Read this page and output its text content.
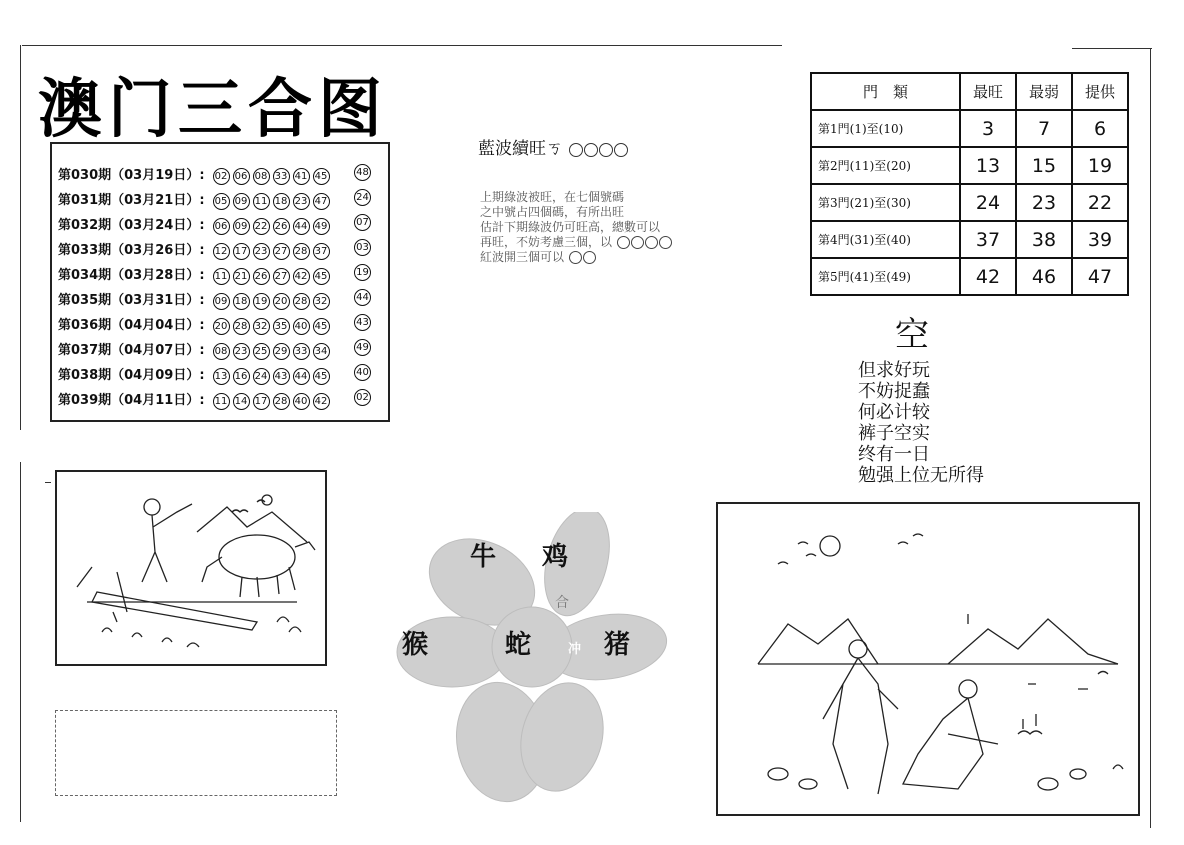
澳门三合图
第030期（03月19日）: 02 06 08 33 41 45	48
第031期（03月21日）: 05 09 11 18 23 47	24
第032期（03月24日）: 06 09 22 26 44 49	07
第033期（03月26日）: 12 17 23 27 28 37	03
第034期（03月28日）: 11 21 26 27 42 45	19
第035期（03月31日）: 09 18 19 20 28 32	44
第036期（04月04日）: 20 28 32 35 40 45	43
第037期（04月07日）: 08 23 25 29 33 34	49
第038期（04月09日）: 13 16 24 43 44 45	40
第039期（04月11日）: 11 14 17 28 40 42	02
藍波續旺ㄎ
上期綠波被旺，在七個號碼
之中號占四個碼，有所出旺
估計下期綠波仍可旺高，總數可以
再旺，不妨考慮三個，以
紅波開三個可以
門　類	最旺	最弱	提供
第1門(1)至(10)	3	7	6
第2門(11)至(20)	13	15	19
第3門(21)至(30)	24	23	22
第4門(31)至(40)	37	38	39
第5門(41)至(49)	42	46	47
空
但求好玩
不妨捉蠢
何必计较
裤子空实
终有一日
勉强上位无所得
牛 鸡
猴	蛇	猪
合
冲
